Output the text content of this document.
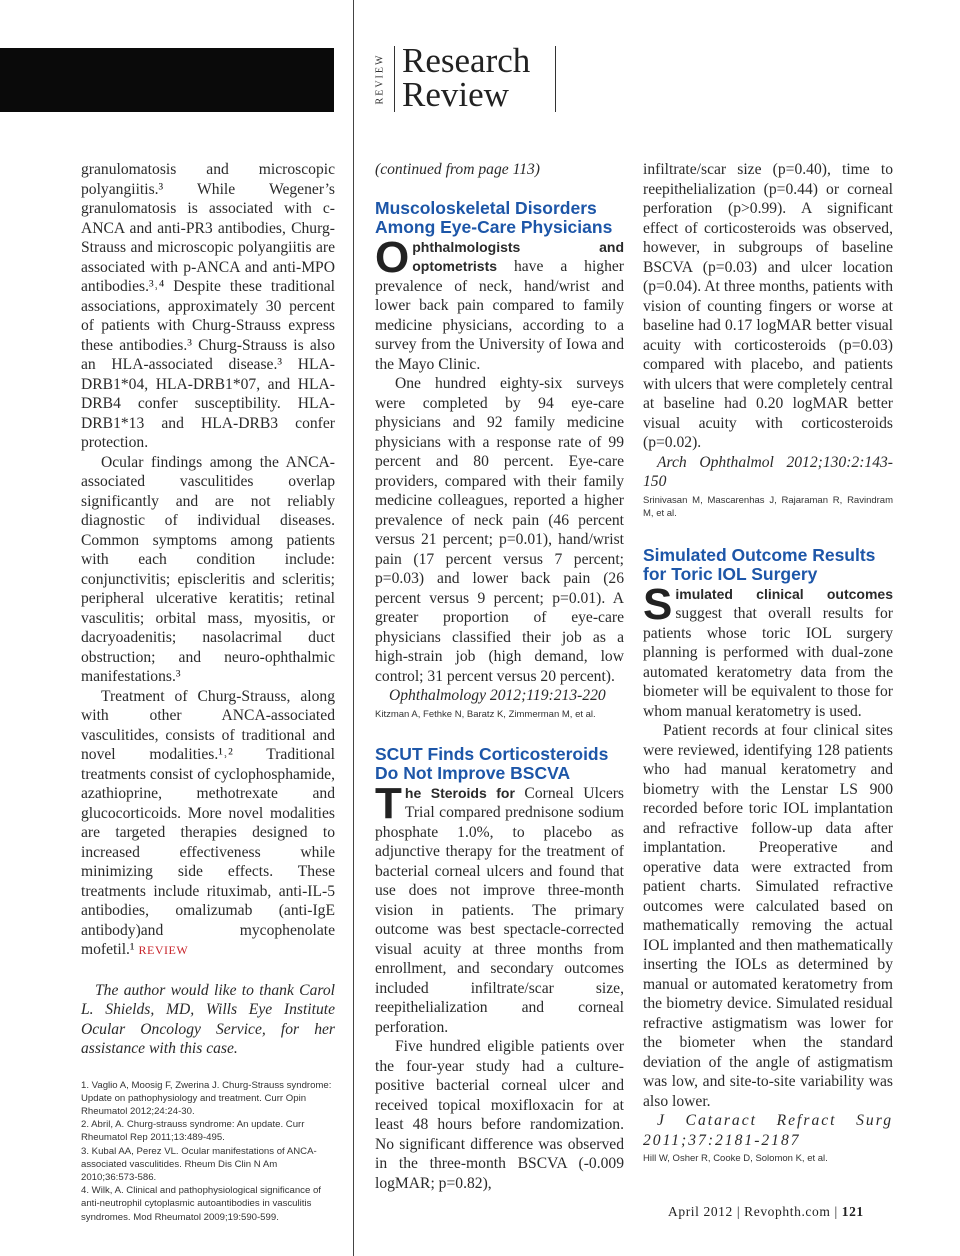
REVIEW Research
Review

granulomatosis and microscopic polyangiitis.³ While Wegener’s granulomatosis is associated with c-ANCA and anti-PR3 antibodies, Churg-Strauss and microscopic polyangiitis are associated with p-ANCA and anti-MPO antibodies.³˒⁴ Despite these traditional associations, approximately 30 percent of patients with Churg-Strauss express these antibodies.³ Churg-Strauss is also an HLA-associated disease.³ HLA-DRB1*04, HLA-DRB1*07, and HLA-DRB4 confer susceptibility. HLA-DRB1*13 and HLA-DRB3 confer protection.

Ocular findings among the ANCA-associated vasculitides overlap significantly and are not reliably diagnostic of individual diseases. Common symptoms among patients with each condition include: conjunctivitis; episcleritis and scleritis; peripheral ulcerative keratitis; retinal vasculitis; orbital mass, myositis, or dacryoadenitis; nasolacrimal duct obstruction; and neuro-ophthalmic manifestations.³

Treatment of Churg-Strauss, along with other ANCA-associated vasculitides, consists of traditional and novel modalities.¹˒² Traditional treatments consist of cyclophosphamide, azathioprine, methotrexate and glucocorticoids. More novel modalities are targeted therapies designed to increased effectiveness while minimizing side effects. These treatments include rituximab, anti-IL-5 antibodies, omalizumab (anti-IgE antibody)and mycophenolate mofetil.¹ REVIEW

The author would like to thank Carol L. Shields, MD, Wills Eye Institute Ocular Oncology Service, for her assistance with this case.

1. Vaglio A, Moosig F, Zwerina J. Churg-Strauss syndrome: Update on pathophysiology and treatment. Curr Opin Rheumatol 2012;24:24-30.
2. Abril, A. Churg-strauss syndrome: An update. Curr Rheumatol Rep 2011;13:489-495.
3. Kubal AA, Perez VL. Ocular manifestations of ANCA-associated vasculitides. Rheum Dis Clin N Am 2010;36:573-586.
4. Wilk, A. Clinical and pathophysiological significance of anti-neutrophil cytoplasmic autoantibodies in vasculitis syndromes. Mod Rheumatol 2009;19:590-599.

(continued from page 113)

Muscoloskeletal Disorders Among Eye-Care Physicians

Ophthalmologists and optometrists have a higher prevalence of neck, hand/wrist and lower back pain compared to family medicine physicians, according to a survey from the University of Iowa and the Mayo Clinic.

One hundred eighty-six surveys were completed by 94 eye-care physicians and 92 family medicine physicians with a response rate of 99 percent and 80 percent. Eye-care providers, compared with their family medicine colleagues, reported a higher prevalence of neck pain (46 percent versus 21 percent; p=0.01), hand/wrist pain (17 percent versus 7 percent; p=0.03) and lower back pain (26 percent versus 9 percent; p=0.01). A greater proportion of eye-care physicians classified their job as a high-strain job (high demand, low control; 31 percent versus 20 percent).

Ophthalmology 2012;119:213-220

Kitzman A, Fethke N, Baratz K, Zimmerman M, et al.

SCUT Finds Corticosteroids Do Not Improve BSCVA

The Steroids for Corneal Ulcers Trial compared prednisone sodium phosphate 1.0%, to placebo as adjunctive therapy for the treatment of bacterial corneal ulcers and found that use does not improve three-month vision in patients. The primary outcome was best spectacle-corrected visual acuity at three months from enrollment, and secondary outcomes included infiltrate/scar size, reepithelialization and corneal perforation.

Five hundred eligible patients over the four-year study had a culture-positive bacterial corneal ulcer and received topical moxifloxacin for at least 48 hours before randomization. No significant difference was observed in the three-month BSCVA (-0.009 logMAR; p=0.82),

infiltrate/scar size (p=0.40), time to reepithelialization (p=0.44) or corneal perforation (p>0.99). A significant effect of corticosteroids was observed, however, in subgroups of baseline BSCVA (p=0.03) and ulcer location (p=0.04). At three months, patients with vision of counting fingers or worse at baseline had 0.17 logMAR better visual acuity with corticosteroids (p=0.03) compared with placebo, and patients with ulcers that were completely central at baseline had 0.20 logMAR better visual acuity with corticosteroids (p=0.02).

Arch Ophthalmol 2012;130:2:143-150

Srinivasan M, Mascarenhas J, Rajaraman R, Ravindram M, et al.

Simulated Outcome Results for Toric IOL Surgery

Simulated clinical outcomes suggest that overall results for patients whose toric IOL surgery planning is performed with dual-zone automated keratometry data from the biometer will be equivalent to those for whom manual keratometry is used.

Patient records at four clinical sites were reviewed, identifying 128 patients who had manual keratometry and biometry with the Lenstar LS 900 recorded before toric IOL implantation and refractive follow-up data after implantation. Preoperative and operative data were extracted from patient charts. Simulated refractive outcomes were calculated based on mathematically removing the actual IOL implanted and then mathematically inserting the IOLs as determined by manual or automated keratometry from the biometry device. Simulated residual refractive astigmatism was lower for the biometer when the standard deviation of the angle of astigmatism was low, and site-to-site variability was also lower.

J Cataract Refract Surg 2011;37:2181-2187

Hill W, Osher R, Cooke D, Solomon K, et al.

April 2012 | Revophth.com | 121
